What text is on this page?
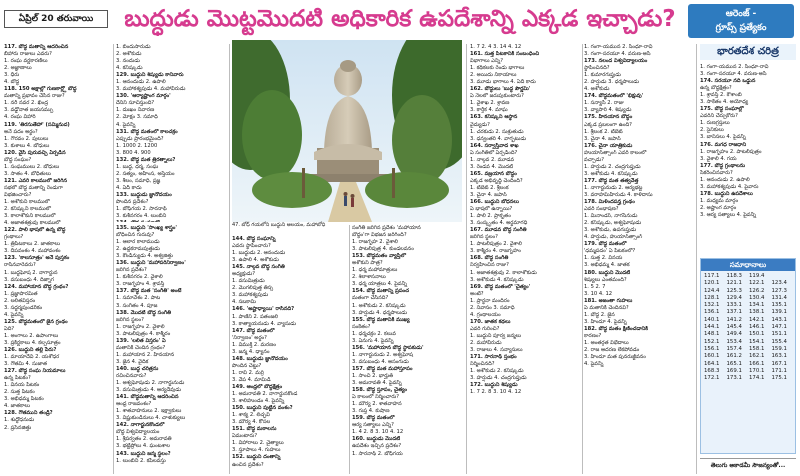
ఏప్రిల్ 20 తరువాయి	బుద్ధుడు మొట్టమొదటి అధికారిక ఉపదేశాన్ని ఎక్కడ ఇచ్చాడు?	ఆరెంజ్ -
గ్రూప్స్ ప్రత్యేకం
117. బౌద్ధ మతాన్ని ఆదరించిన
బీహారు రాజులు ఎవరు?
1. రంఘ వర్ణకారణిలు
2. అజ్ఞాణాలు
3. ధీరు
4. బొద్ధ
118. 150 అక్షాల్లో గుణకార్ల్లో బౌద్ధ
మతాన్ని ప్రభావం చేసిన రాజు?
1. నరీ నవర 2. ఖింద్ర
3. వడ్డోనాత జయసమ్పు
4. రంఘ విహారి
119. 'తిరసుతేహా' (సమ్మినుద)
అనే పదం అర్థం?
1. గౌరవం 2. పులులు
3. కుశాలు 4. బోధులు
120. వైసి పురువచ్చి ఏర్పడిన
బౌద్ధ సంఘం?
1. సంఘములు 2. బోధులు
3. సాతం 4. బోధితులు
121. ఎవరి కాలములో జరిగిన
సభలో బౌద్ధ మతాన్ని రెండుగా
విభజించారు?
1. అశోకుని కాలములో
2. కనిష్కుని కాలములో
3. కాలాశోకుని కాలములో
4. అజాతశత్రువు కాలములో
122. పాలి భాషలో ఉన్న బౌద్ధ
గ్రంథాలు?
1. త్రిపిటకాలు 2. జాతకాలు
3. దీపవంశం 4. మహావంశం
123. 'కాలసూత్రం' అనే పుస్తకం
రాసినవారెవరు?
1. బుద్ధఘోష 2. నాగార్జున
3. వసుబంధు 4. దిఙ్నాగ
124. మహాయాన బౌద్ధ గ్రంథం?
1. ప్రజ్ఞాపారమిత
2. లలితవిస్తరం
3. సద్ధర్మపుండరీకం
4. పైవన్నీ
125. బౌద్ధమతంలో జైన గ్రంథం
ఏది?
1. అంగాలు 2. ఉపాంగాలు
3. ప్రకీర్ణకాలు 4. కల్పసూత్రం
126. బుద్ధుని తల్లి పేరు?
1. మాయాదేవి 2. యశోధర
3. గౌతమి 4. సుజాత
127. బౌద్ధ సంఘ నియమాలు
ఉన్న పిటకం?
1. వినయ పిటకం
2. సుత్త పిటకం
3. అభిధమ్మ పిటకం
4. జాతకాలు
128. గౌతముని తండ్రి?
1. శుద్ధోధనుడు
2. ప్రసేనజిత్తు
1. బిందుసారుడు
2. అశోకుడు
3. నందుడు
4. కనిష్కుడు
129. బుద్ధుని శిష్యుడు కానివారు
1. ఆనందుడు 2. ఉపాలి
3. మహాకశ్యపుడు 4. మహావీరుడు
130. 'ఆర్యాష్టాంగ మార్గం'
దేనిని సూచిస్తుంది?
1. దుఃఖం నివారణ
2. మోక్షం 3. సమాధి
4. పైవన్నీ
131. బౌద్ధ మతంలో కాలచక్రం
ఎప్పుడు ప్రారంభమైంది?
1. 1000 2. 1200
3. 800 4. 900
132. బౌద్ధ మత త్రిరత్నాలు?
1. బుద్ధ, ధర్మ, సంఘ
2. సత్యం, అహింస, అస్తేయం
3. శీలం, సమాధి, ప్రజ్ఞ
4. ఏదీ కాదు
133. బుద్ధుడు జ్ఞానోదయం
పొందిన ప్రదేశం?
1. బోధ్‌గయ 2. సారనాథ్
3. కుశీనగరం 4. లుంబిని
135. బుద్ధుని 'సాంఖ్య శాస్త్రం'
బోధించిన గురువు?
1. ఆలార కాలాముడు
2. ఉద్దకరామపుత్తుడు
3. కౌండిన్యుడు 4. అశ్వజిత్తు
136. బుద్ధుని 'మహాపరినిర్వాణం'
జరిగిన ప్రదేశం?
1. కుశీనగరం 2. వైశాలి
3. రాజగృహం 4. శ్రావస్తి
137. బౌద్ధ మత 'సంగీతి' అంటే
1. సమావేశం 2. పాట
3. సంగీతం 4. పూజ
138. మొదటి బౌద్ధ సంగీతి
జరిగిన స్థలం?
1. రాజగృహం 2. వైశాలి
3. పాటలీపుత్రం 4. కాశ్మీరం
139. 'లలిత విస్తరం' ఏ
మతానికి చెందిన గ్రంథం?
1. మహాయాన 2. హీనయాన
3. జైన 4. వైదిక
140. బుద్ధ చరిత్రను
రచించినవారు?
1. అశ్వఘోషుడు 2. నాగార్జునుడు
3. వసుమిత్రుడు 4. ఆర్యదేవుడు
141. బౌద్ధమతాన్ని ఆదరించిన
ఆంధ్ర రాజవంశం?
1. శాతవాహనులు 2. ఇక్ష్వాకులు
3. విష్ణుకుండినులు 4. చాళుక్యులు
142. నాగార్జునకొండలో
బౌద్ధ విశ్వవిద్యాలయం
1. శ్రీపర్వతం 2. అమరావతి
3. భట్టిప్రోలు 4. ఘంటశాల
143. బుద్ధుని జన్మ స్థలం?
1. లుంబిని 2. కపిలవస్తు
47. బోధ్‌ గయలోని బుద్ధుని ఆలయం, మహాబోధి
144. బౌద్ధ సంఘాన్ని
ఎవరు స్థాపించారు?
1. బుద్ధుడు 2. ఆనందుడు
3. ఉపాలి 4. అశోకుడు
145. నాల్గవ బౌద్ధ సంగీతి
అధ్యక్షుడు?
1. వసుమిత్రుడు
2. మొగలిపుత్త తిస్స
3. మహాకశ్యపుడు
4. సబకామి
146. 'అష్టాధ్యాయి' రాసినది?
1. పాణిని 2. పతంజలి
3. కాత్యాయనుడు 4. వ్యాసుడు
147. బౌద్ధ మతంలో
'నిర్వాణం' అర్థం?
1. విముక్తి 2. మరణం
3. జన్మ 4. ధ్యానం
148. బుద్ధుడు జ్ఞానోదయం
పొందిన చెట్టు?
1. రావి 2. మర్రి
3. వేప 4. మామిడి
149. ఆంధ్రలో బౌద్ధక్షేత్రం
1. అమరావతి 2. నాగార్జునకొండ
3. శాలిహుండం 4. పైవన్నీ
150. బుద్ధుని పుట్టిన వంశం?
1. శాక్య 2. లిచ్ఛవి
3. మౌర్య 4. కోసల
151. బౌద్ధ మఠాలను
ఏమంటారు?
1. విహారాలు 2. చైత్యాలు
3. స్తూపాలు 4. గుహలు
152. బుద్ధుని దంతాన్ని
ఉంచిన ప్రదేశం?
సంగీతి జరిగిన ప్రదేశం 'మహాయాన
బౌద్ధం'గా విభజన జరిగింది?
1. రాజగృహ 2. వైశాలి
3. పాటలీపుత్ర 4. కుండలవనం
153. బౌద్ధమతం వ్యాప్తిలో
అశోకుని పాత్ర?
1. ధర్మ మహామాత్రులు
2. శిలాశాసనాలు
3. ధర్మ యాత్రలు 4. పైవన్నీ
154. బౌద్ధ మతాన్ని ప్రపంచ
మతంగా చేసినది?
1. అశోకుడు 2. కనిష్కుడు
3. హర్షుడు 4. ధర్మపాలుడు
155. బౌద్ధ మతానికి ముఖ్య
సంకేతం?
1. ధర్మచక్రం 2. కలువ
3. ఏనుగు 4. పైవన్నీ
156. 'మహాయాన బౌద్ధ స్థాపకుడు'
1. నాగార్జునుడు 2. అశ్వఘోష
3. వసుబంధు 4. అసంగుడు
157. బౌద్ధ మత మహాస్తూపం
1. సాంచి 2. భార్హుత్
3. అమరావతి 4. పైవన్నీ
158. బౌద్ధ స్తూపం, చైత్యం
ఏ కాలంలో నిర్మించారు?
1. మౌర్య 2. శాతవాహన
3. గుప్త 4. కుషాణ
159. బౌద్ధ మతంలో
ఆర్య సత్యాలు ఎన్ని?
1. 4 2. 8 3. 10 4. 12
160. బుద్ధుడు మొదటి
ఉపదేశం ఇచ్చిన ప్రదేశం?
1. సారనాథ్ 2. బోధ్‌గయ
1. 7 2. 4 3. 14 4. 12
161. సుత్త పిటకానికి సంబంధించి
విభాగాలు ఎన్ని?
1. కథికలకు రెండు భాగాలు
2. అయిదు నికాయాలు
3. మూడు భాగాలు 4. ఏదీ కాదు
162. బౌద్ధులు 'బుద్ధ పౌర్ణమి'
ఏ నెలలో జరుపుకుంటారు?
1. వైశాఖ 2. శ్రావణ
3. కార్తీక 4. మాఘ
163. కనిష్కుని ఆస్థాన
వైద్యుడు?
1. చరకుడు 2. సుశ్రుతుడు
3. ధన్వంతరి 4. వాగ్భటుడు
164. సర్వాస్తివాద శాఖ
ఏ సంగీతిలో ఏర్పడింది?
1. నాల్గవ 2. మూడవ
3. రెండవ 4. మొదటి
165. వజ్రయాన బౌద్ధం
ఎక్కడ అభివృద్ధి చెందింది?
1. టిబెట్ 2. శ్రీలంక
3. చైనా 4. జపాన్
166. బుద్ధుని బోధనలు
ఏ భాషలో ఉన్నాయి?
1. పాలి 2. ప్రాకృతం
3. సంస్కృతం 4. అర్థమాగధి
167. మూడవ బౌద్ధ సంగీతి
జరిగిన స్థలం?
1. పాటలీపుత్రం 2. వైశాలి
3. కాశ్మీరం 4. రాజగృహం
168. బౌద్ధ సంగీతి
నిర్వహించిన రాజు?
1. అజాతశత్రువు 2. కాలాశోకుడు
3. అశోకుడు 4. కనిష్కుడు
169. బౌద్ధ మతంలో 'చైత్యం'
అంటే?
1. ప్రార్థనా మందిరం
2. నివాసం 3. సమాధి
4. గ్రంథాలయం
170. జాతక కథలు
ఎవరి గురించి?
1. బుద్ధుని పూర్వ జన్మలు
2. మహావీరుడు
3. రాజులు 4. సన్యాసులు
171. సారనాథ్ స్తంభం
నిర్మించినది?
1. అశోకుడు 2. కనిష్కుడు
3. హర్షుడు 4. చంద్రగుప్తుడు
172. బుద్ధుని శిష్యుడు
1. 7 2. 8 3. 10 4. 12
1. గంగా-యమున 2. సింధూ-రావి
3. గంగా-సరయూ 4. వరుణ-అసి
173. నలంద విశ్వవిద్యాలయం
స్థాపించినది?
1. కుమారగుప్తుడు
2. హర్షుడు 3. ధర్మపాలుడు
4. అశోకుడు
174. బౌద్ధమతంలో 'భిక్షువు'
1. సన్యాసి 2. రాజు
3. వ్యాపారి 4. శిష్యుడు
175. హీనయాన బౌద్ధం
ఎక్కడ ప్రబలంగా ఉంది?
1. శ్రీలంక 2. టిబెట్
3. చైనా 4. జపాన్
176. చైనా యాత్రికుడు
హుయాన్‌త్సాంగ్ ఎవరి కాలంలో
వచ్చాడు?
1. హర్షుడు 2. చంద్రగుప్తుడు
3. అశోకుడు 4. కనిష్కుడు
177. బౌద్ధ మత తత్వవేత్త
1. నాగార్జునుడు 2. ఆర్యభట్ట
3. వరాహమిహిరుడు 4. కాళిదాసు
178. మిళిందపన్హ గ్రంథం
ఎవరి సంభాషణ?
1. మినాండర్, నాగసేనుడు
2. కనిష్కుడు, అశ్వఘోషుడు
3. అశోకుడు, ఉపగుప్తుడు
4. హర్షుడు, హుయాన్‌త్సాంగ్
179. బౌద్ధ మతంలో
'ధమ్మపదం' ఏ పిటకంలో?
1. సుత్త 2. వినయ
3. అభిధమ్మ 4. జాతక
180. బుద్ధుని మొదటి
శిష్యులు ఎంతమంది?
1. 5 2. 7
3. 10 4. 12
181. అజంతా గుహలు
ఏ మతానికి చెందినవి?
1. బౌద్ధ 2. జైన
3. హిందూ 4. పైవన్నీ
182. బౌద్ధ మతం క్షీణించడానికి
కారణం?
1. అంతర్గత విభేదాలు
2. రాజ ఆదరణ లేకపోవడం
3. హిందూ మత పునరుజ్జీవనం
4. పైవన్నీ
భారతదేశ చరిత్ర
1. గంగా-యమున 2. సింధూ-రావి
3. గంగా-సరయూ 4. వరుణ-అసి
174. సరయూ నది ఒడ్డున
ఉన్న బౌద్ధక్షేత్రం?
1. శ్రావస్తి 2. కౌశాంబి
3. సాకేతం 4. అయోధ్య
175. బౌద్ధ సంఘాల్లో
ఎవరిని చేర్చుకోరు?
1. రుణగ్రస్తులు
2. సైనికులు
3. బానిసలు 4. పైవన్నీ
176. మగధ రాజధాని
1. రాజగృహం 2. పాటలీపుత్రం
3. వైశాలి 4. గయ
177. బౌద్ధ గ్రంథాలను
సేకరించినవారు?
1. ఆనందుడు 2. ఉపాలి
3. మహాకశ్యపుడు 4. పైవారు
178. బుద్ధుని ఉపదేశాలు
1. మధ్యమ మార్గం
2. అష్టాంగ మార్గం
3. ఆర్య సత్యాలు 4. పైవన్నీ
సమాధానాలు
117.1	118.3	119.4
120.1	121.1	122.1	123.4
124.4	125.3	126.2	127.3
128.1	129.4	130.4	131.4
132.1	133.1	134.1	135.1
136.1	137.1	138.1	139.1
140.1	141.2	142.1	143.1
144.1	145.4	146.1	147.1
148.1	149.4	150.1	151.1
152.1	153.4	154.1	155.4
156.1	157.4	158.1	159.1
160.1	161.2	162.1	163.1
164.1	165.1	166.1	167.1
168.3	169.1	170.1	171.1
172.1	173.1	174.1	175.1
తెలుగు అకాడమీ సౌజన్యంతో...
